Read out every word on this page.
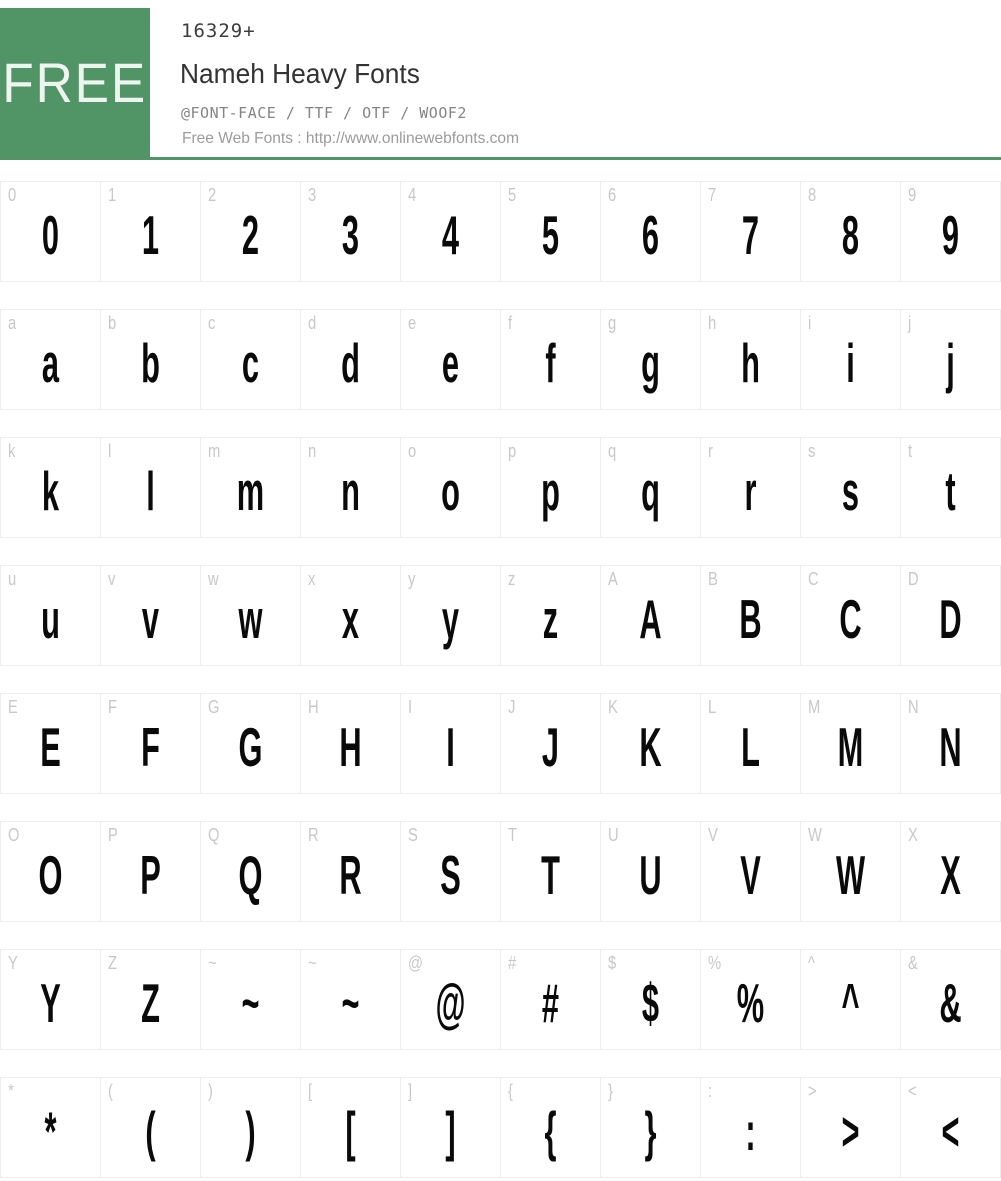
FREE
16329+
Nameh Heavy Fonts
@FONT-FACE / TTF / OTF / WOOF2
Free Web Fonts : http://www.onlinewebfonts.com
0
0
1
1
2
2
3
3
4
4
5
5
6
6
7
7
8
8
9
9
a
a
b
b
c
c
d
d
e
e
f
f
g
g
h
h
i
i
j
j
k
k
l
l
m
m
n
n
o
o
p
p
q
q
r
r
s
s
t
t
u
u
v
v
w
w
x
x
y
y
z
z
A
A
B
B
C
C
D
D
E
E
F
F
G
G
H
H
I
I
J
J
K
K
L
L
M
M
N
N
O
O
P
P
Q
Q
R
R
S
S
T
T
U
U
V
V
W
W
X
X
Y
Y
Z
Z
~
~
~
~
@
@
#
#
$
$
%
%
^
^
&
&
*
*
(
(
)
)
[
[
]
]
{
{
}
}
:
:
>
>
<
<
